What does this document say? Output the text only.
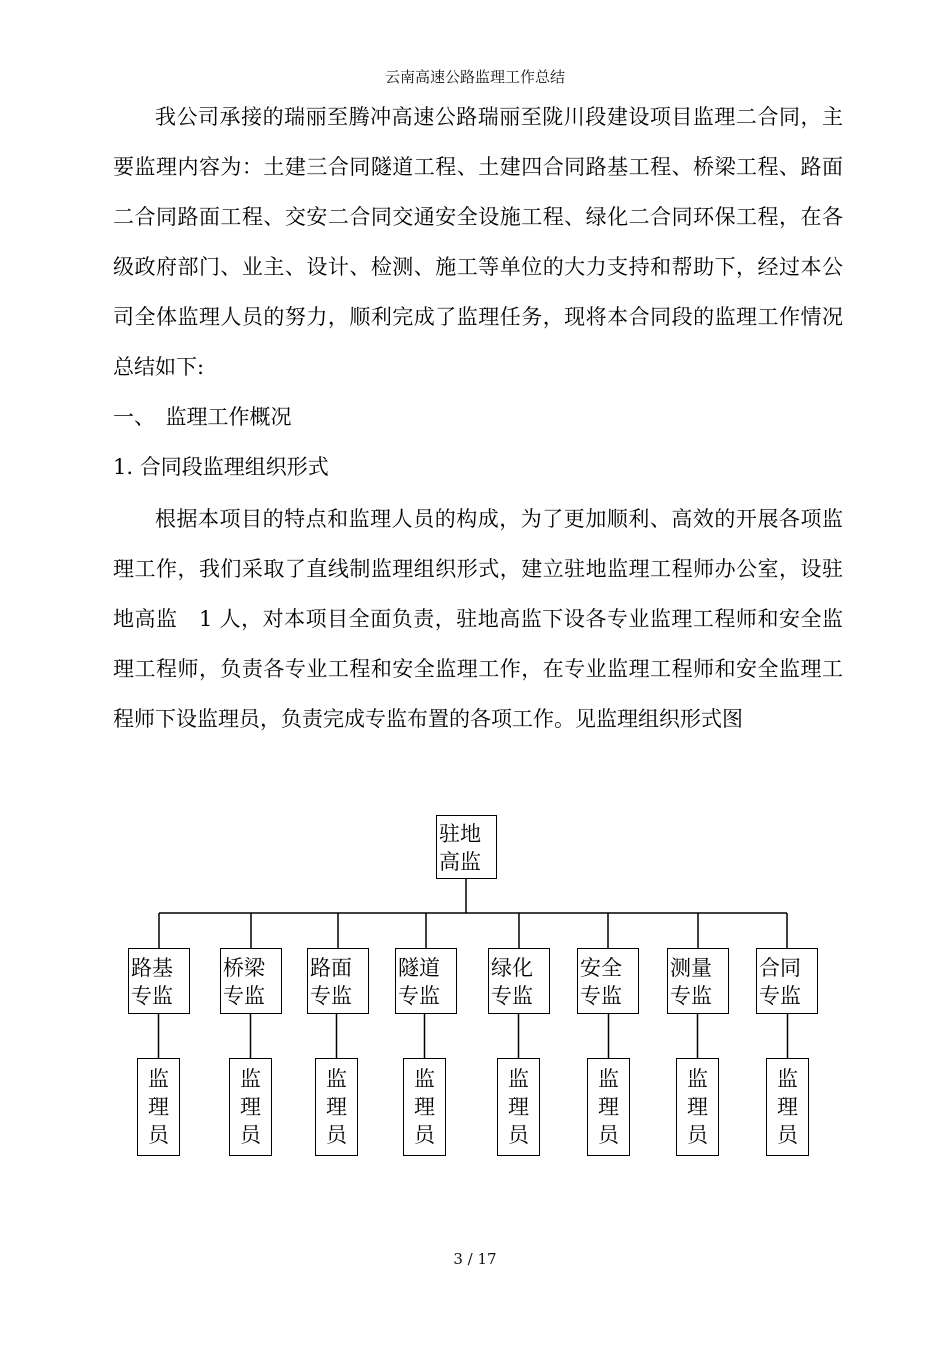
云南高速公路监理工作总结

我公司承接的瑞丽至腾冲高速公路瑞丽至陇川段建设项目监理二合同，主要监理内容为：土建三合同隧道工程、土建四合同路基工程、桥梁工程、路面二合同路面工程、交安二合同交通安全设施工程、绿化二合同环保工程，在各级政府部门、业主、设计、检测、施工等单位的大力支持和帮助下，经过本公司全体监理人员的努力，顺利完成了监理任务，现将本合同段的监理工作情况总结如下:

一、　监理工作概况
1. 合同段监理组织形式

根据本项目的特点和监理人员的构成，为了更加顺利、高效的开展各项监理工作，我们采取了直线制监理组织形式，建立驻地监理工程师办公室，设驻地高监　1 人，对本项目全面负责，驻地高监下设各专业监理工程师和安全监理工程师，负责各专业工程和安全监理工作，在专业监理工程师和安全监理工程师下设监理员，负责完成专监布置的各项工作。见监理组织形式图

驻地
高监
路基
专监
桥梁
专监
路面
专监
隧道
专监
绿化
专监
安全
专监
测量
专监
合同
专监
监
理
员
监
理
员
监
理
员
监
理
员
监
理
员
监
理
员
监
理
员
监
理
员
3 / 17
